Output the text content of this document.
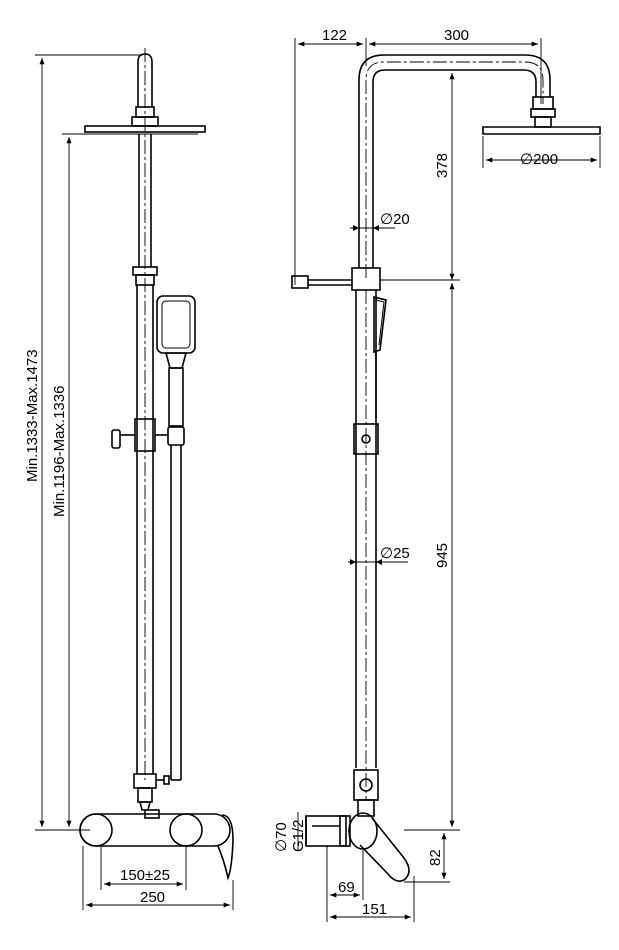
Min.1333-Max.1473 Min.1196-Max.1336
150±25
250
122	300
∅200
378
∅20
∅25 945
∅70 G1/2
82
69
151
